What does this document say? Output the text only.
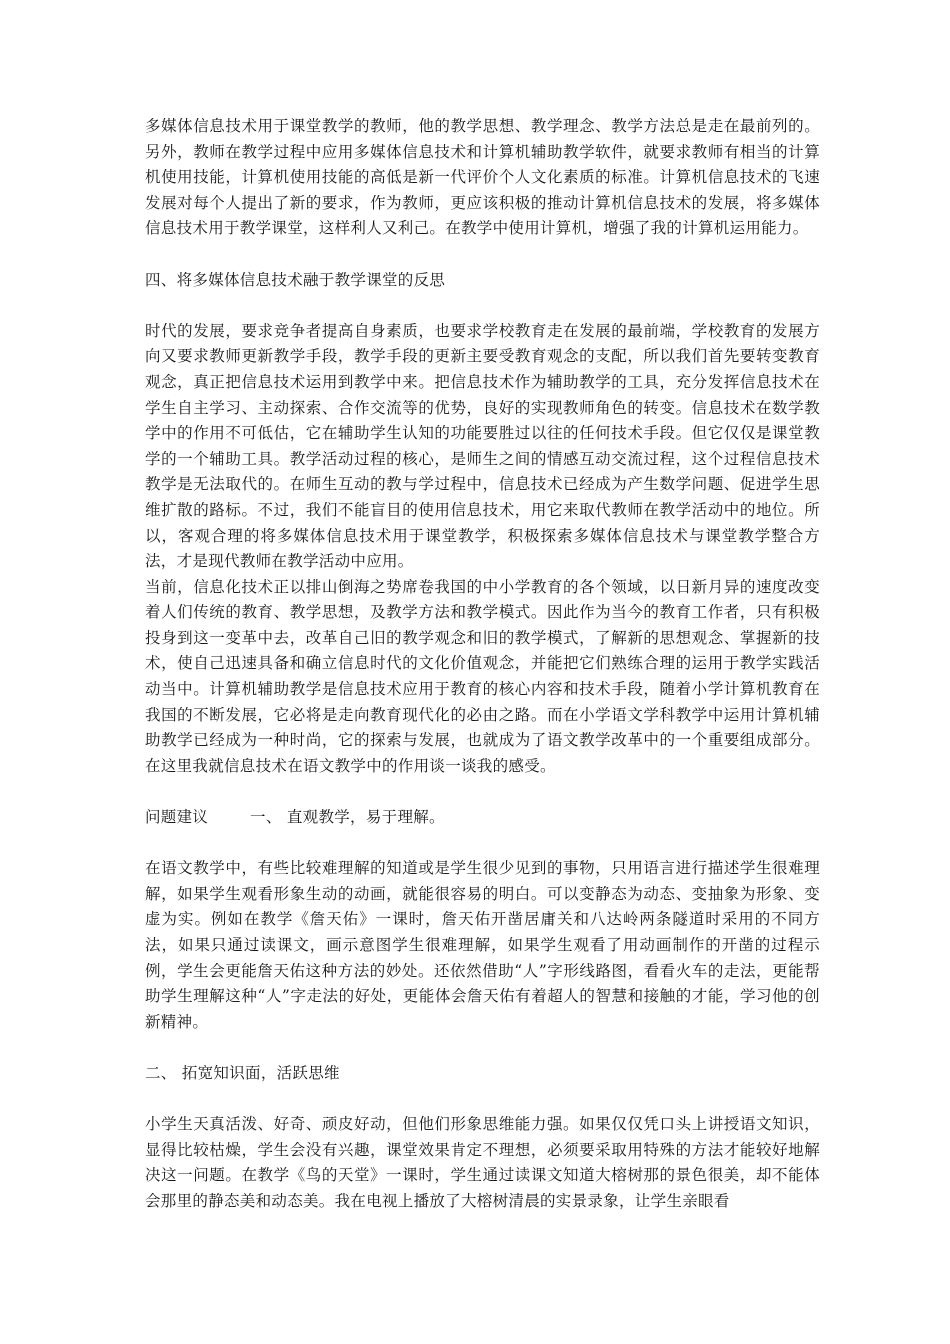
多媒体信息技术用于课堂教学的教师，他的教学思想、教学理念、教学方法总是走在最前列的。另外，教师在教学过程中应用多媒体信息技术和计算机辅助教学软件，就要求教师有相当的计算机使用技能，计算机使用技能的高低是新一代评价个人文化素质的标准。计算机信息技术的飞速发展对每个人提出了新的要求，作为教师，更应该积极的推动计算机信息技术的发展，将多媒体信息技术用于教学课堂，这样利人又利己。在教学中使用计算机，增强了我的计算机运用能力。

四、将多媒体信息技术融于教学课堂的反思

时代的发展，要求竞争者提高自身素质，也要求学校教育走在发展的最前端，学校教育的发展方向又要求教师更新教学手段，教学手段的更新主要受教育观念的支配，所以我们首先要转变教育观念，真正把信息技术运用到教学中来。把信息技术作为辅助教学的工具，充分发挥信息技术在学生自主学习、主动探索、合作交流等的优势，良好的实现教师角色的转变。信息技术在数学教学中的作用不可低估，它在辅助学生认知的功能要胜过以往的任何技术手段。但它仅仅是课堂教学的一个辅助工具。教学活动过程的核心，是师生之间的情感互动交流过程，这个过程信息技术教学是无法取代的。在师生互动的教与学过程中，信息技术已经成为产生数学问题、促进学生思维扩散的路标。不过，我们不能盲目的使用信息技术，用它来取代教师在教学活动中的地位。所以，客观合理的将多媒体信息技术用于课堂教学，积极探索多媒体信息技术与课堂教学整合方法，才是现代教师在教学活动中应用。

当前，信息化技术正以排山倒海之势席卷我国的中小学教育的各个领域，以日新月异的速度改变着人们传统的教育、教学思想，及教学方法和教学模式。因此作为当今的教育工作者，只有积极投身到这一变革中去，改革自己旧的教学观念和旧的教学模式，了解新的思想观念、掌握新的技术，使自己迅速具备和确立信息时代的文化价值观念，并能把它们熟练合理的运用于教学实践活动当中。计算机辅助教学是信息技术应用于教育的核心内容和技术手段，随着小学计算机教育在我国的不断发展，它必将是走向教育现代化的必由之路。而在小学语文学科教学中运用计算机辅助教学已经成为一种时尚，它的探索与发展，也就成为了语文教学改革中的一个重要组成部分。在这里我就信息技术在语文教学中的作用谈一谈我的感受。

问题建议        一、 直观教学，易于理解。

在语文教学中，有些比较难理解的知道或是学生很少见到的事物，只用语言进行描述学生很难理解，如果学生观看形象生动的动画，就能很容易的明白。可以变静态为动态、变抽象为形象、变虚为实。例如在教学《詹天佑》一课时，詹天佑开凿居庸关和八达岭两条隧道时采用的不同方法，如果只通过读课文，画示意图学生很难理解，如果学生观看了用动画制作的开凿的过程示例，学生会更能詹天佑这种方法的妙处。还依然借助“人”字形线路图，看看火车的走法，更能帮助学生理解这种“人”字走法的好处，更能体会詹天佑有着超人的智慧和接触的才能，学习他的创新精神。

二、 拓宽知识面，活跃思维

小学生天真活泼、好奇、顽皮好动，但他们形象思维能力强。如果仅仅凭口头上讲授语文知识，显得比较枯燥，学生会没有兴趣，课堂效果肯定不理想，必须要采取用特殊的方法才能较好地解决这一问题。在教学《鸟的天堂》一课时，学生通过读课文知道大榕树那的景色很美，却不能体会那里的静态美和动态美。我在电视上播放了大榕树清晨的实景录象，让学生亲眼看
